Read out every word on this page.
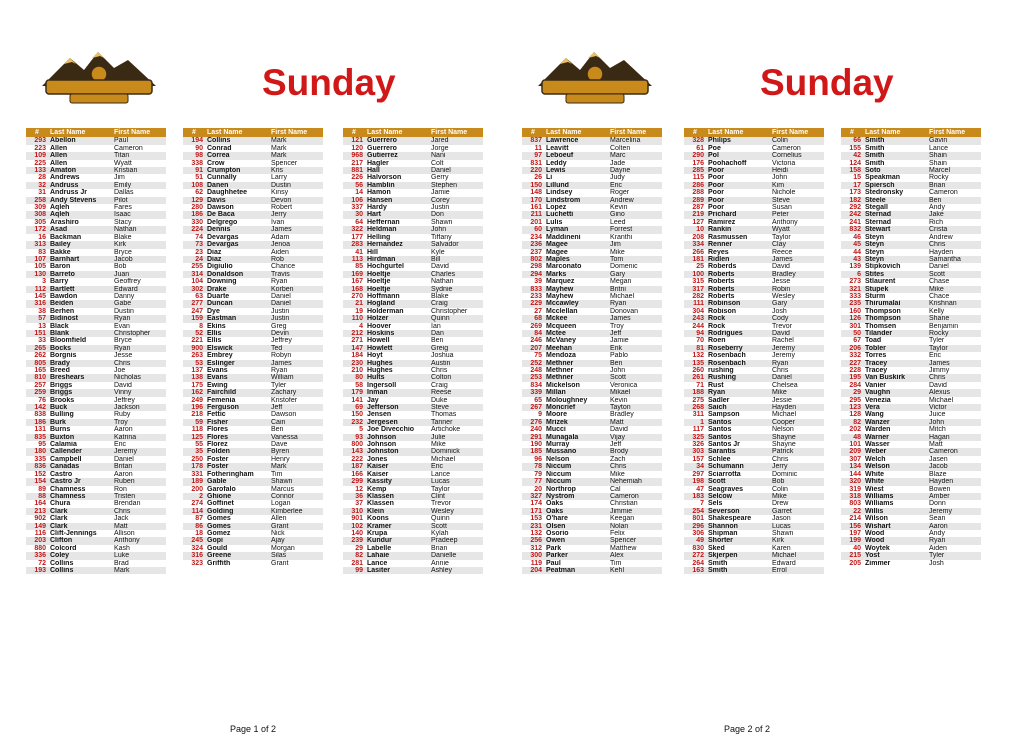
Sunday
Page 1 of 2
#	Last Name	First Name
293	Abellon	Paul
223	Allen	Cameron
109	Allen	Titan
225	Allen	Wyatt
133	Amaton	Kristian
28	Andrews	Jim
32	Andruss	Emily
31	Andruss Jr	Dallas
258	Andy Stevens	Pilot
309	Aqleh	Fares
308	Aqleh	Isaac
305	Arashiro	Stacy
172	Asad	Nathan
16	Backman	Blake
313	Bailey	Kirk
83	Bakke	Bryce
107	Barnhart	Jacob
105	Baron	Bob
130	Barreto	Juan
3	Barry	Geoffrey
112	Bartlett	Edward
145	Bawdon	Danny
316	Beiden	Gabe
38	Berhen	Dustin
57	Bidinost	Ryan
13	Black	Evan
151	Blank	Christopher
33	Bloomfield	Bryce
265	Bocks	Ryan
262	Borgnis	Jesse
805	Brady	Chris
165	Breed	Joe
810	Breshears	Nicholas
257	Briggs	David
259	Briggs	Vinny
76	Brooks	Jeffrey
142	Buck	Jackson
838	Bulling	Ruby
186	Burk	Troy
131	Burns	Aaron
835	Buxton	Katrina
95	Calamia	Eric
180	Callender	Jeremy
335	Campbell	Daniel
836	Canadas	Britan
152	Castro	Aaron
154	Castro Jr	Ruben
89	Chamness	Ron
88	Chamness	Tristen
164	Chura	Brendan
213	Clark	Chris
902	Clark	Jack
149	Clark	Matt
116	Clift-Jennings	Allison
203	Clifton	Anthony
880	Colcord	Kash
336	Coley	Luke
72	Collins	Brad
193	Collins	Mark
#	Last Name	First Name
194	Collins	Mark
90	Conrad	Mark
98	Correa	Mark
338	Crow	Spencer
91	Crumpton	Kris
51	Cunnally	Larry
108	Danen	Dustin
62	Daughhetee	Kinsy
129	Davis	Devon
280	Dawson	Robert
186	De Baca	Jerry
330	Delgrego	Ivan
224	Dennis	James
74	Devargas	Adam
73	Devargas	Jenoa
23	Diaz	Aiden
24	Diaz	Rob
255	Digiulio	Chance
314	Donaldson	Travis
104	Downing	Ryan
302	Drake	Korben
63	Duarte	Daniel
277	Duncan	Daniel
247	Dye	Justin
159	Eastman	Justin
8	Ekins	Greg
52	Ellis	Devin
221	Ellis	Jeffrey
900	Elswick	Ted
263	Embrey	Robyn
53	Eslinger	James
137	Evans	Ryan
138	Evans	William
175	Ewing	Tyler
162	Fairchild	Zachary
249	Femenia	Kristofer
196	Ferguson	Jeff
218	Fettic	Dawson
59	Fisher	Cain
118	Flores	Ben
125	Flores	Vanessa
55	Florez	Dave
35	Folden	Byren
250	Foster	Henry
178	Foster	Mark
331	Fotheringham	Tim
189	Gable	Shawn
200	Garofalo	Marcus
2	Ghione	Connor
274	Goffinet	Logan
114	Golding	Kimberlee
87	Gomes	Allen
86	Gomes	Grant
18	Gomez	Nick
245	Gopi	Ajay
324	Gould	Morgan
316	Greene	Silas
323	Griffith	Grant
#	Last Name	First Name
121	Guerrero	Jared
120	Guerrero	Jorge
968	Gutierrez	Nani
217	Hagler	Colt
881	Hall	Daniel
226	Halvorson	Gerry
56	Hamblin	Stephen
14	Hamon	Jamie
106	Hansen	Corey
337	Hardy	Justin
30	Hart	Don
64	Heffernan	Shawn
322	Heldman	John
177	Helling	Tiffany
283	Hernandez	Salvador
41	Hill	Kyle
113	Hirdman	Bill
85	Hochgurtel	David
169	Hoeltje	Charles
167	Hoeltje	Nathan
168	Hoeltje	Sydnie
270	Hoffmann	Blake
21	Hogland	Craig
19	Holderman	Christopher
110	Holzer	Quinn
4	Hoover	Ian
212	Hoskins	Dan
271	Howell	Ben
147	Howlett	Greig
184	Hoyt	Joshua
230	Hughes	Austin
210	Hughes	Chris
80	Hults	Colton
58	Ingersoll	Craig
179	Inman	Reese
141	Jay	Duke
69	Jefferson	Steve
150	Jensen	Thomas
232	Jergesen	Tanner
5	Joe Divecchio	Artichoke
93	Johnson	Julie
800	Johnson	Mike
143	Johnston	Dominick
222	Jones	Michael
187	Kaiser	Eric
166	Kaiser	Lance
299	Kassity	Lucas
12	Kemp	Taylor
36	Klassen	Clint
37	Klassen	Trevor
310	Klein	Wesley
901	Koons	Quinn
102	Kramer	Scott
140	Krupa	Kylah
239	Kundur	Pradeep
29	Labelle	Brian
82	Lahaie	Danielle
281	Lance	Annie
99	Lasiter	Ashley
Sunday
Page 2 of 2
#	Last Name	First Name
837	Lawrence	Marcelina
11	Leavitt	Colten
97	Leboeuf	Marc
831	Leddy	Jade
220	Lewis	Dayne
26	Li	Judy
150	Lillund	Eric
148	Lindsey	Roger
170	Lindstrom	Andrew
161	Lopez	Kevin
211	Luchetti	Gino
201	Lulis	Leed
60	Lyman	Forrest
234	Maddineni	Kranthi
236	Magee	Jim
237	Magee	Mike
802	Maples	Tom
298	Marconato	Domenic
294	Marks	Gary
39	Marquez	Megan
833	Mayhew	Britni
233	Mayhew	Michael
229	Mccawley	Ryan
27	Mcclellan	Donovan
68	Mckee	James
269	Mcqueen	Troy
84	Mctee	Jeff
246	McVaney	Jamie
207	Meehan	Erik
75	Mendoza	Pablo
252	Methner	Ben
248	Methner	John
253	Methner	Scott
834	Mickelson	Veronica
339	Millan	Mikael
65	Moloughney	Kevin
267	Moncrief	Tayton
9	Moore	Bradley
276	Mrizek	Matt
240	Mucci	David
291	Munagala	Vijay
190	Murray	Jeff
185	Mussano	Brody
96	Nelson	Zach
78	Niccum	Chris
79	Niccum	Mike
77	Niccum	Nehemiah
20	Northrop	Cal
327	Nystrom	Cameron
174	Oaks	Christian
171	Oaks	Jimmie
153	O'hare	Keegan
231	Olsen	Nolan
132	Osorio	Felix
256	Owen	Spencer
312	Park	Matthew
300	Parker	Alex
119	Paul	Tim
204	Peatman	Kehl
#	Last Name	First Name
328	Philips	Colin
61	Poe	Cameron
290	Pol	Cornelius
176	Poohachoff	Victoria
285	Poor	Heidi
115	Poor	John
286	Poor	Kim
288	Poor	Nichole
289	Poor	Steve
287	Poor	Susan
219	Prichard	Peter
127	Ramirez	Anthony
10	Rankin	Wyatt
208	Rasmussen	Taylor
334	Renner	Clay
266	Reyes	Reece
181	Ridlen	James
25	Roberds	David
100	Roberts	Bradley
315	Roberts	Jesse
317	Roberts	Robin
282	Roberts	Wesley
111	Robinson	Gary
304	Robison	Josh
243	Rock	Cody
244	Rock	Trevor
94	Rodrigues	David
70	Roen	Rachel
81	Roseberry	Jeremy
132	Rosenbach	Jeremy
135	Rosenbach	Ryan
260	rushing	Chris
261	Rushing	Daniel
71	Rust	Chelsea
188	Ryan	Mike
275	Sadler	Jessie
268	Saich	Hayden
311	Sampson	Michael
1	Santos	Cooper
117	Santos	Nelson
325	Santos	Shayne
326	Santos Jr	Shayne
303	Sarantis	Patrick
157	Schlee	Chris
34	Schumann	Jerry
297	Sciarrotta	Dominic
198	Scott	Bob
47	Seagraves	Colin
183	Selcow	Mike
7	Sels	Drew
254	Severson	Garret
801	Shakespeare	Jason
296	Shannon	Lucas
306	Shipman	Shawn
49	Shorter	Kirk
830	Sked	Karen
272	Skjerpen	Michael
264	Smith	Edward
163	Smith	Errol
#	Last Name	First Name
66	Smith	Gavin
155	Smith	Lance
42	Smith	Shain
124	Smith	Shain
158	Soto	Marcel
15	Speakman	Rocky
17	Spiersch	Brian
173	Stedronsky	Cameron
182	Steele	Ben
292	Stegall	Andy
242	Sternad	Jake
241	Sternad	Rich
832	Stewart	Crista
46	Steyn	Andrew
45	Steyn	Chris
44	Steyn	Hayden
43	Steyn	Samantha
139	Stipkovich	Daniel
6	Stites	Scott
273	Stlaurent	Chase
321	Stupek	Mike
333	Sturm	Chace
235	Thirumalai	Krishnan
160	Thompson	Kelly
126	Thompson	Shane
301	Thomsen	Benjamin
50	Tilander	Rocky
67	Toad	Tyler
206	Tobler	Taylor
332	Torres	Eric
227	Tracey	James
228	Tracey	Jimmy
195	Van Buskirk	Chris
284	Vanier	David
29	Vaughn	Alexus
295	Venezia	Michael
123	Vera	Victor
128	Wang	Juice
82	Wanzer	John
202	Warden	Mitch
48	Warner	Hagan
101	Wasser	Matt
209	Weber	Cameron
307	Welch	Jasen
134	Welson	Jacob
144	White	Blaze
320	White	Hayden
319	Wiest	Bowen
318	Williams	Amber
803	Williams	Donn
22	Willis	Jeremy
214	Wilson	Sean
156	Wishart	Aaron
197	Wood	Andy
199	Wood	Ryan
40	Woytek	Aiden
215	Yost	Tyler
205	Zimmer	Josh
